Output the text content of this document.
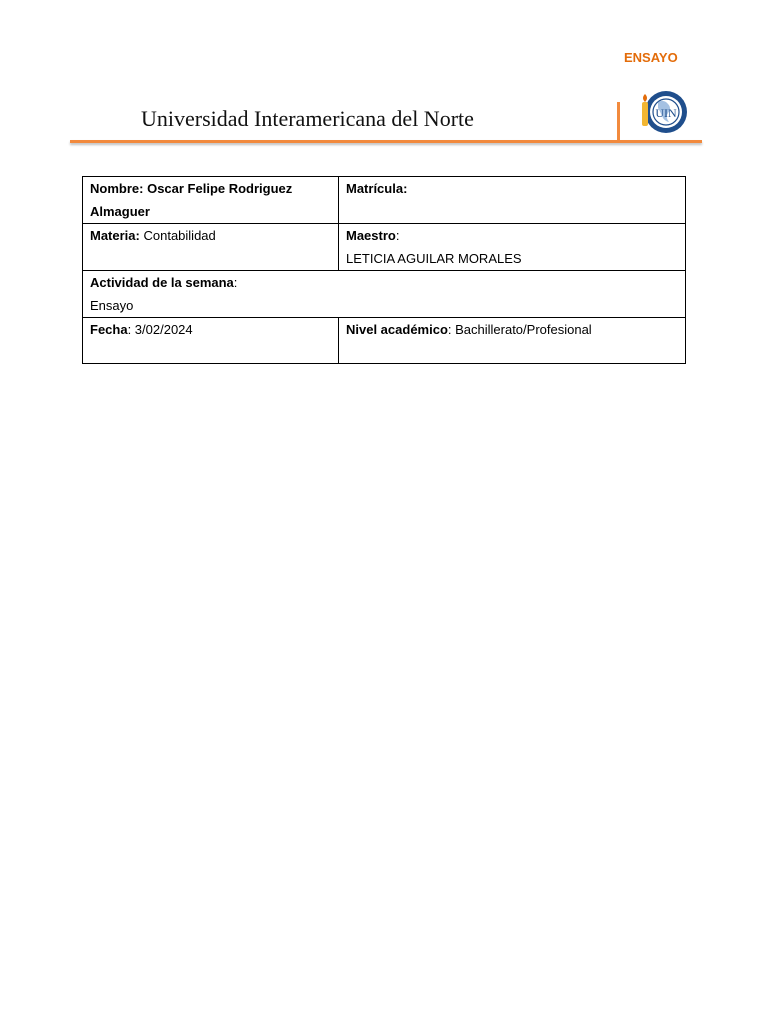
ENSAYO
Universidad Interamericana del Norte	UIN
Nombre: Oscar Felipe Rodriguez Almaguer	Matrícula:
Materia: Contabilidad	Maestro:
LETICIA AGUILAR MORALES
Actividad de la semana:
Ensayo	
Fecha: 3/02/2024	Nivel académico: Bachillerato/Profesional
